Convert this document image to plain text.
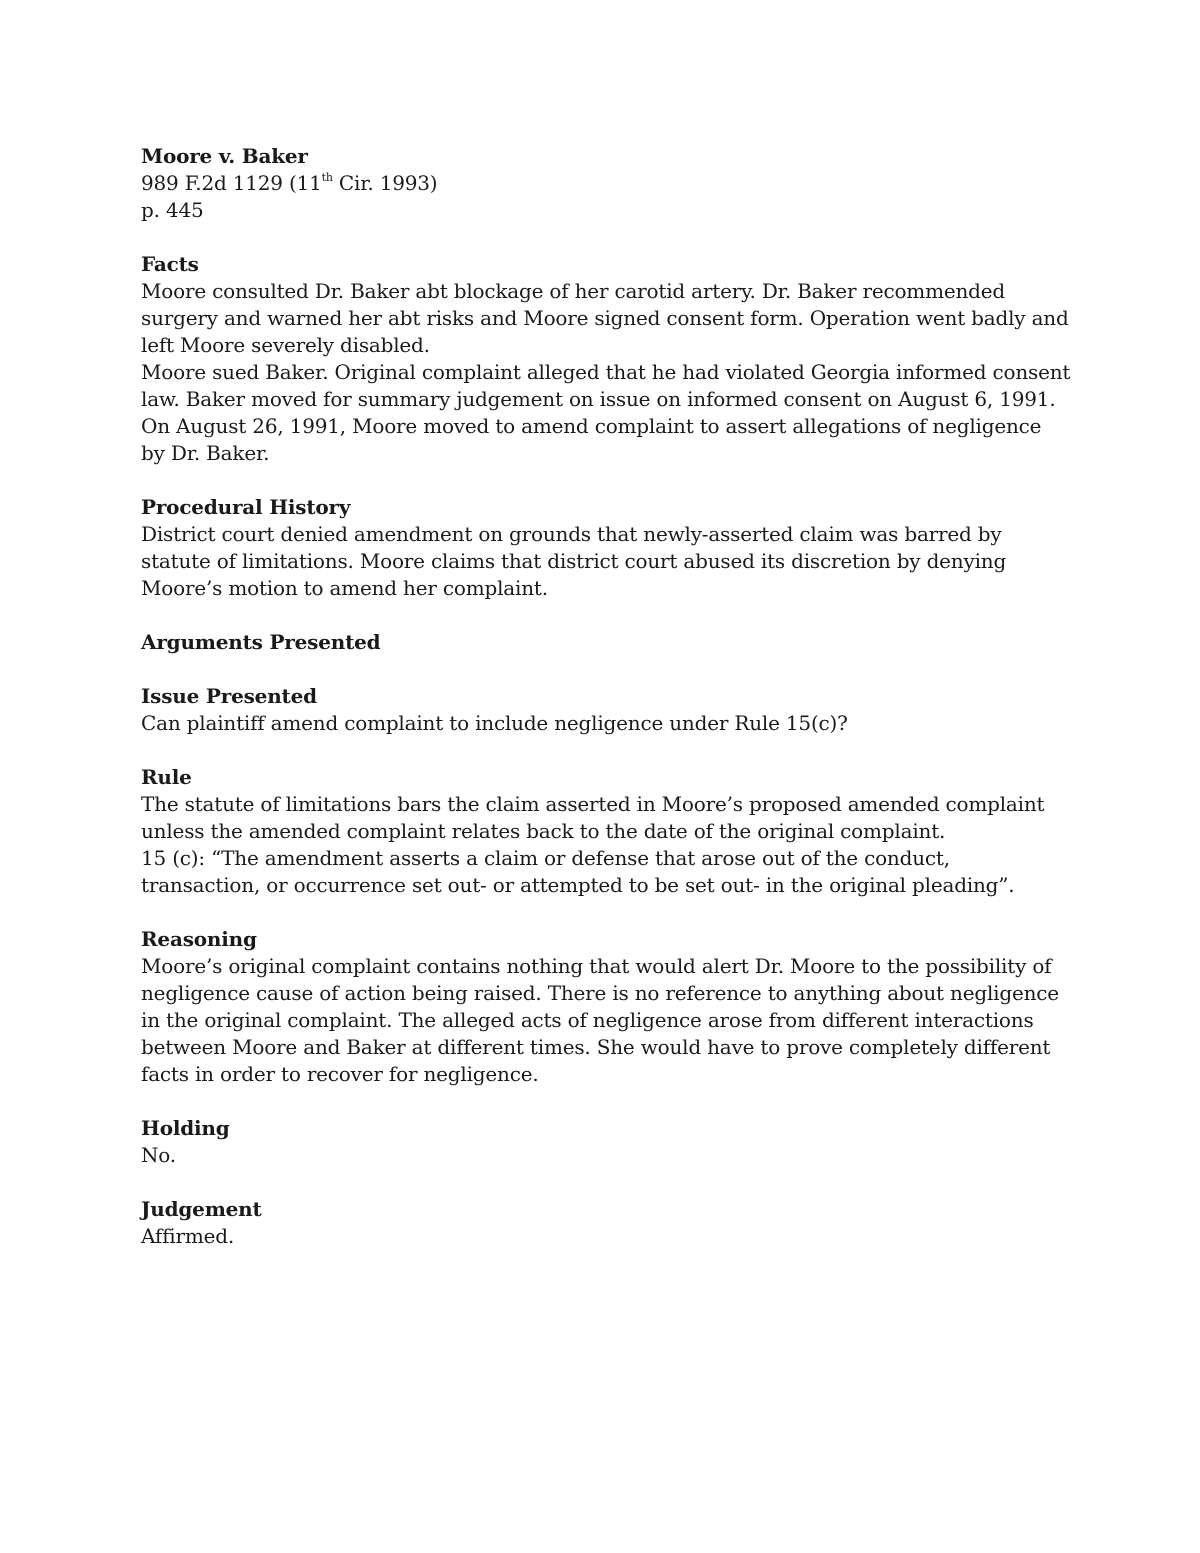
Moore v. Baker
989 F.2d 1129 (11th Cir. 1993)
p. 445
Facts
Moore consulted Dr. Baker abt blockage of her carotid artery. Dr. Baker recommended surgery and warned her abt risks and Moore signed consent form. Operation went badly and left Moore severely disabled.
Moore sued Baker. Original complaint alleged that he had violated Georgia informed consent law. Baker moved for summary judgement on issue on informed consent on August 6, 1991. On August 26, 1991, Moore moved to amend complaint to assert allegations of negligence by Dr. Baker.
Procedural History
District court denied amendment on grounds that newly-asserted claim was barred by statute of limitations. Moore claims that district court abused its discretion by denying Moore’s motion to amend her complaint.
Arguments Presented
Issue Presented
Can plaintiff amend complaint to include negligence under Rule 15(c)?
Rule
The statute of limitations bars the claim asserted in Moore’s proposed amended complaint unless the amended complaint relates back to the date of the original complaint.
15 (c): “The amendment asserts a claim or defense that arose out of the conduct, transaction, or occurrence set out- or attempted to be set out- in the original pleading”.
Reasoning
Moore’s original complaint contains nothing that would alert Dr. Moore to the possibility of negligence cause of action being raised. There is no reference to anything about negligence in the original complaint. The alleged acts of negligence arose from different interactions between Moore and Baker at different times. She would have to prove completely different facts in order to recover for negligence.
Holding
No.
Judgement
Affirmed.
